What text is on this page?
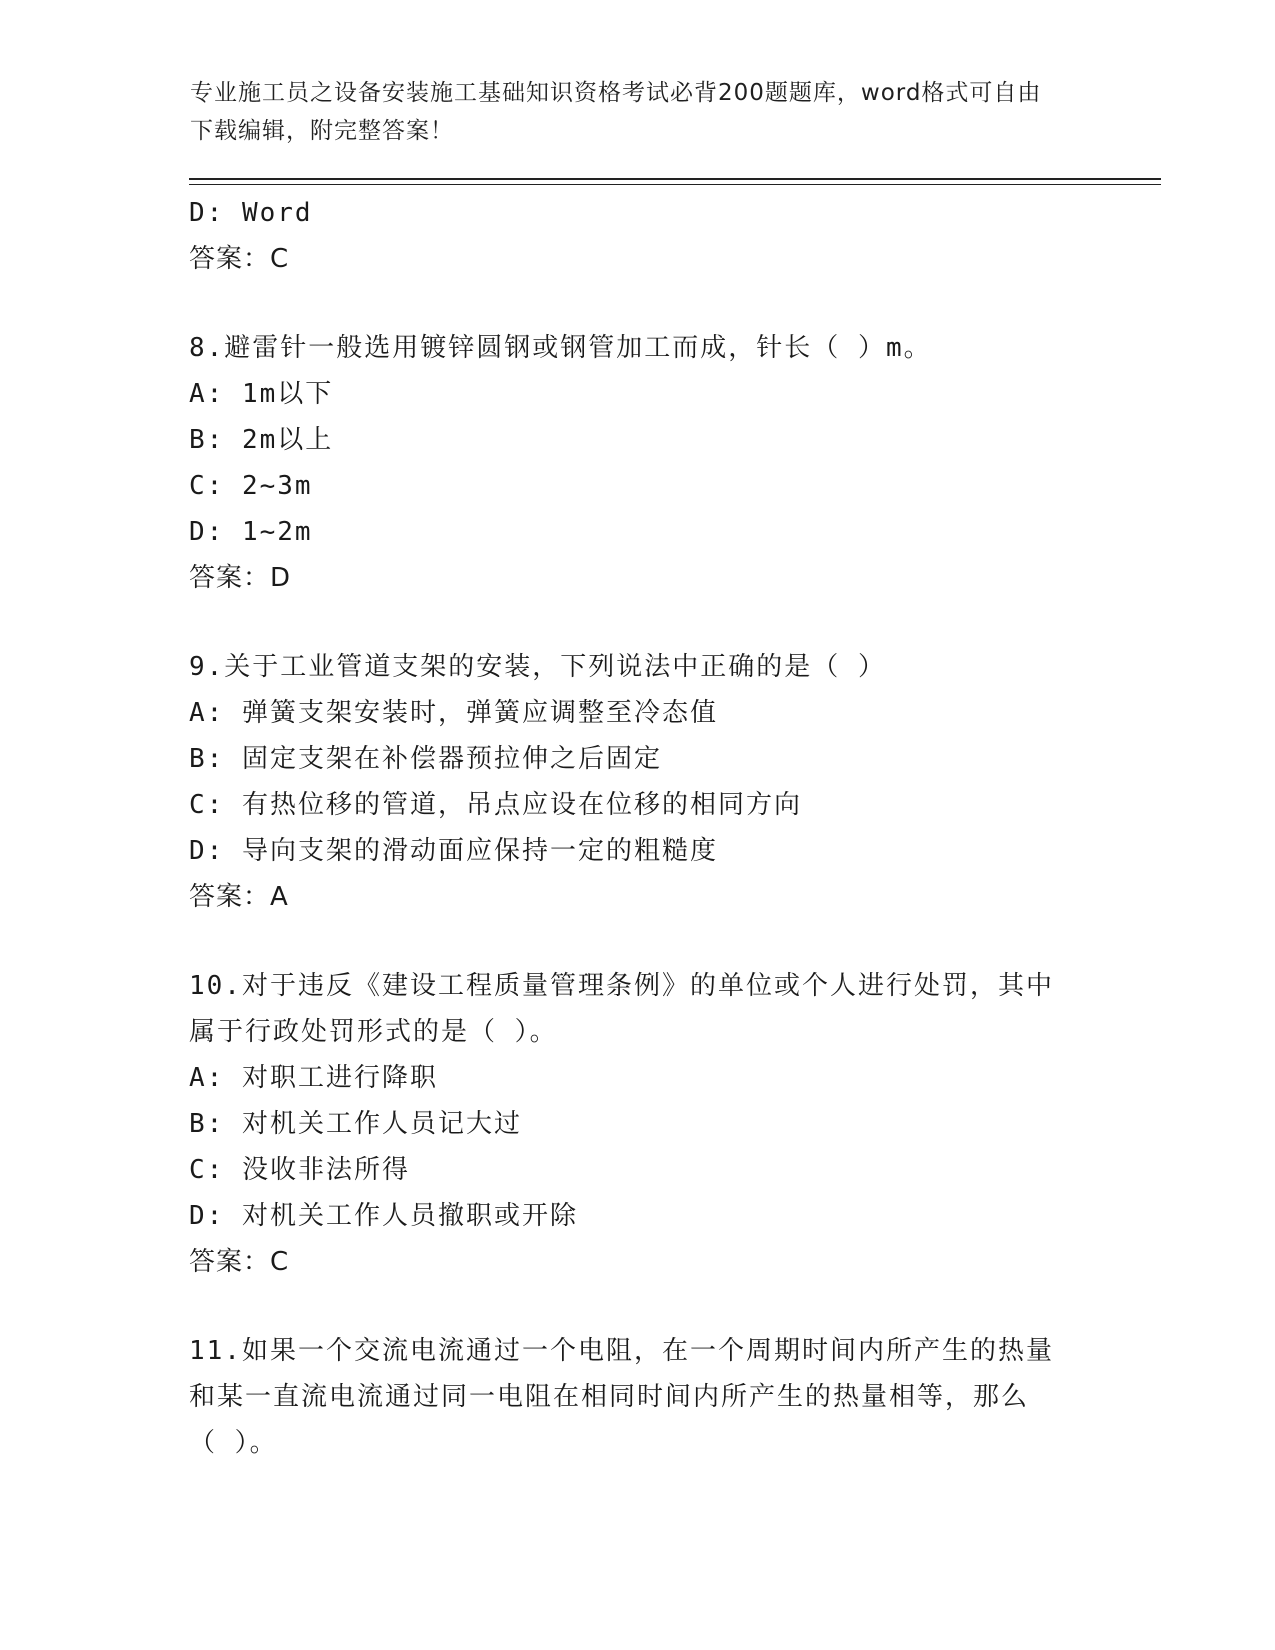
专业施工员之设备安装施工基础知识资格考试必背200题题库，word格式可自由
下载编辑，附完整答案！
D: Word
答案：C
8.避雷针一般选用镀锌圆钢或钢管加工而成，针长（ ）m。
A: 1m以下
B: 2m以上
C: 2~3m
D: 1~2m
答案：D
9.关于工业管道支架的安装，下列说法中正确的是（ ）
A: 弹簧支架安装时，弹簧应调整至冷态值
B: 固定支架在补偿器预拉伸之后固定
C: 有热位移的管道，吊点应设在位移的相同方向
D: 导向支架的滑动面应保持一定的粗糙度
答案：A
10.对于违反《建设工程质量管理条例》的单位或个人进行处罚，其中
属于行政处罚形式的是（ ）。
A: 对职工进行降职
B: 对机关工作人员记大过
C: 没收非法所得
D: 对机关工作人员撤职或开除
答案：C
11.如果一个交流电流通过一个电阻，在一个周期时间内所产生的热量
和某一直流电流通过同一电阻在相同时间内所产生的热量相等，那么
（ ）。
